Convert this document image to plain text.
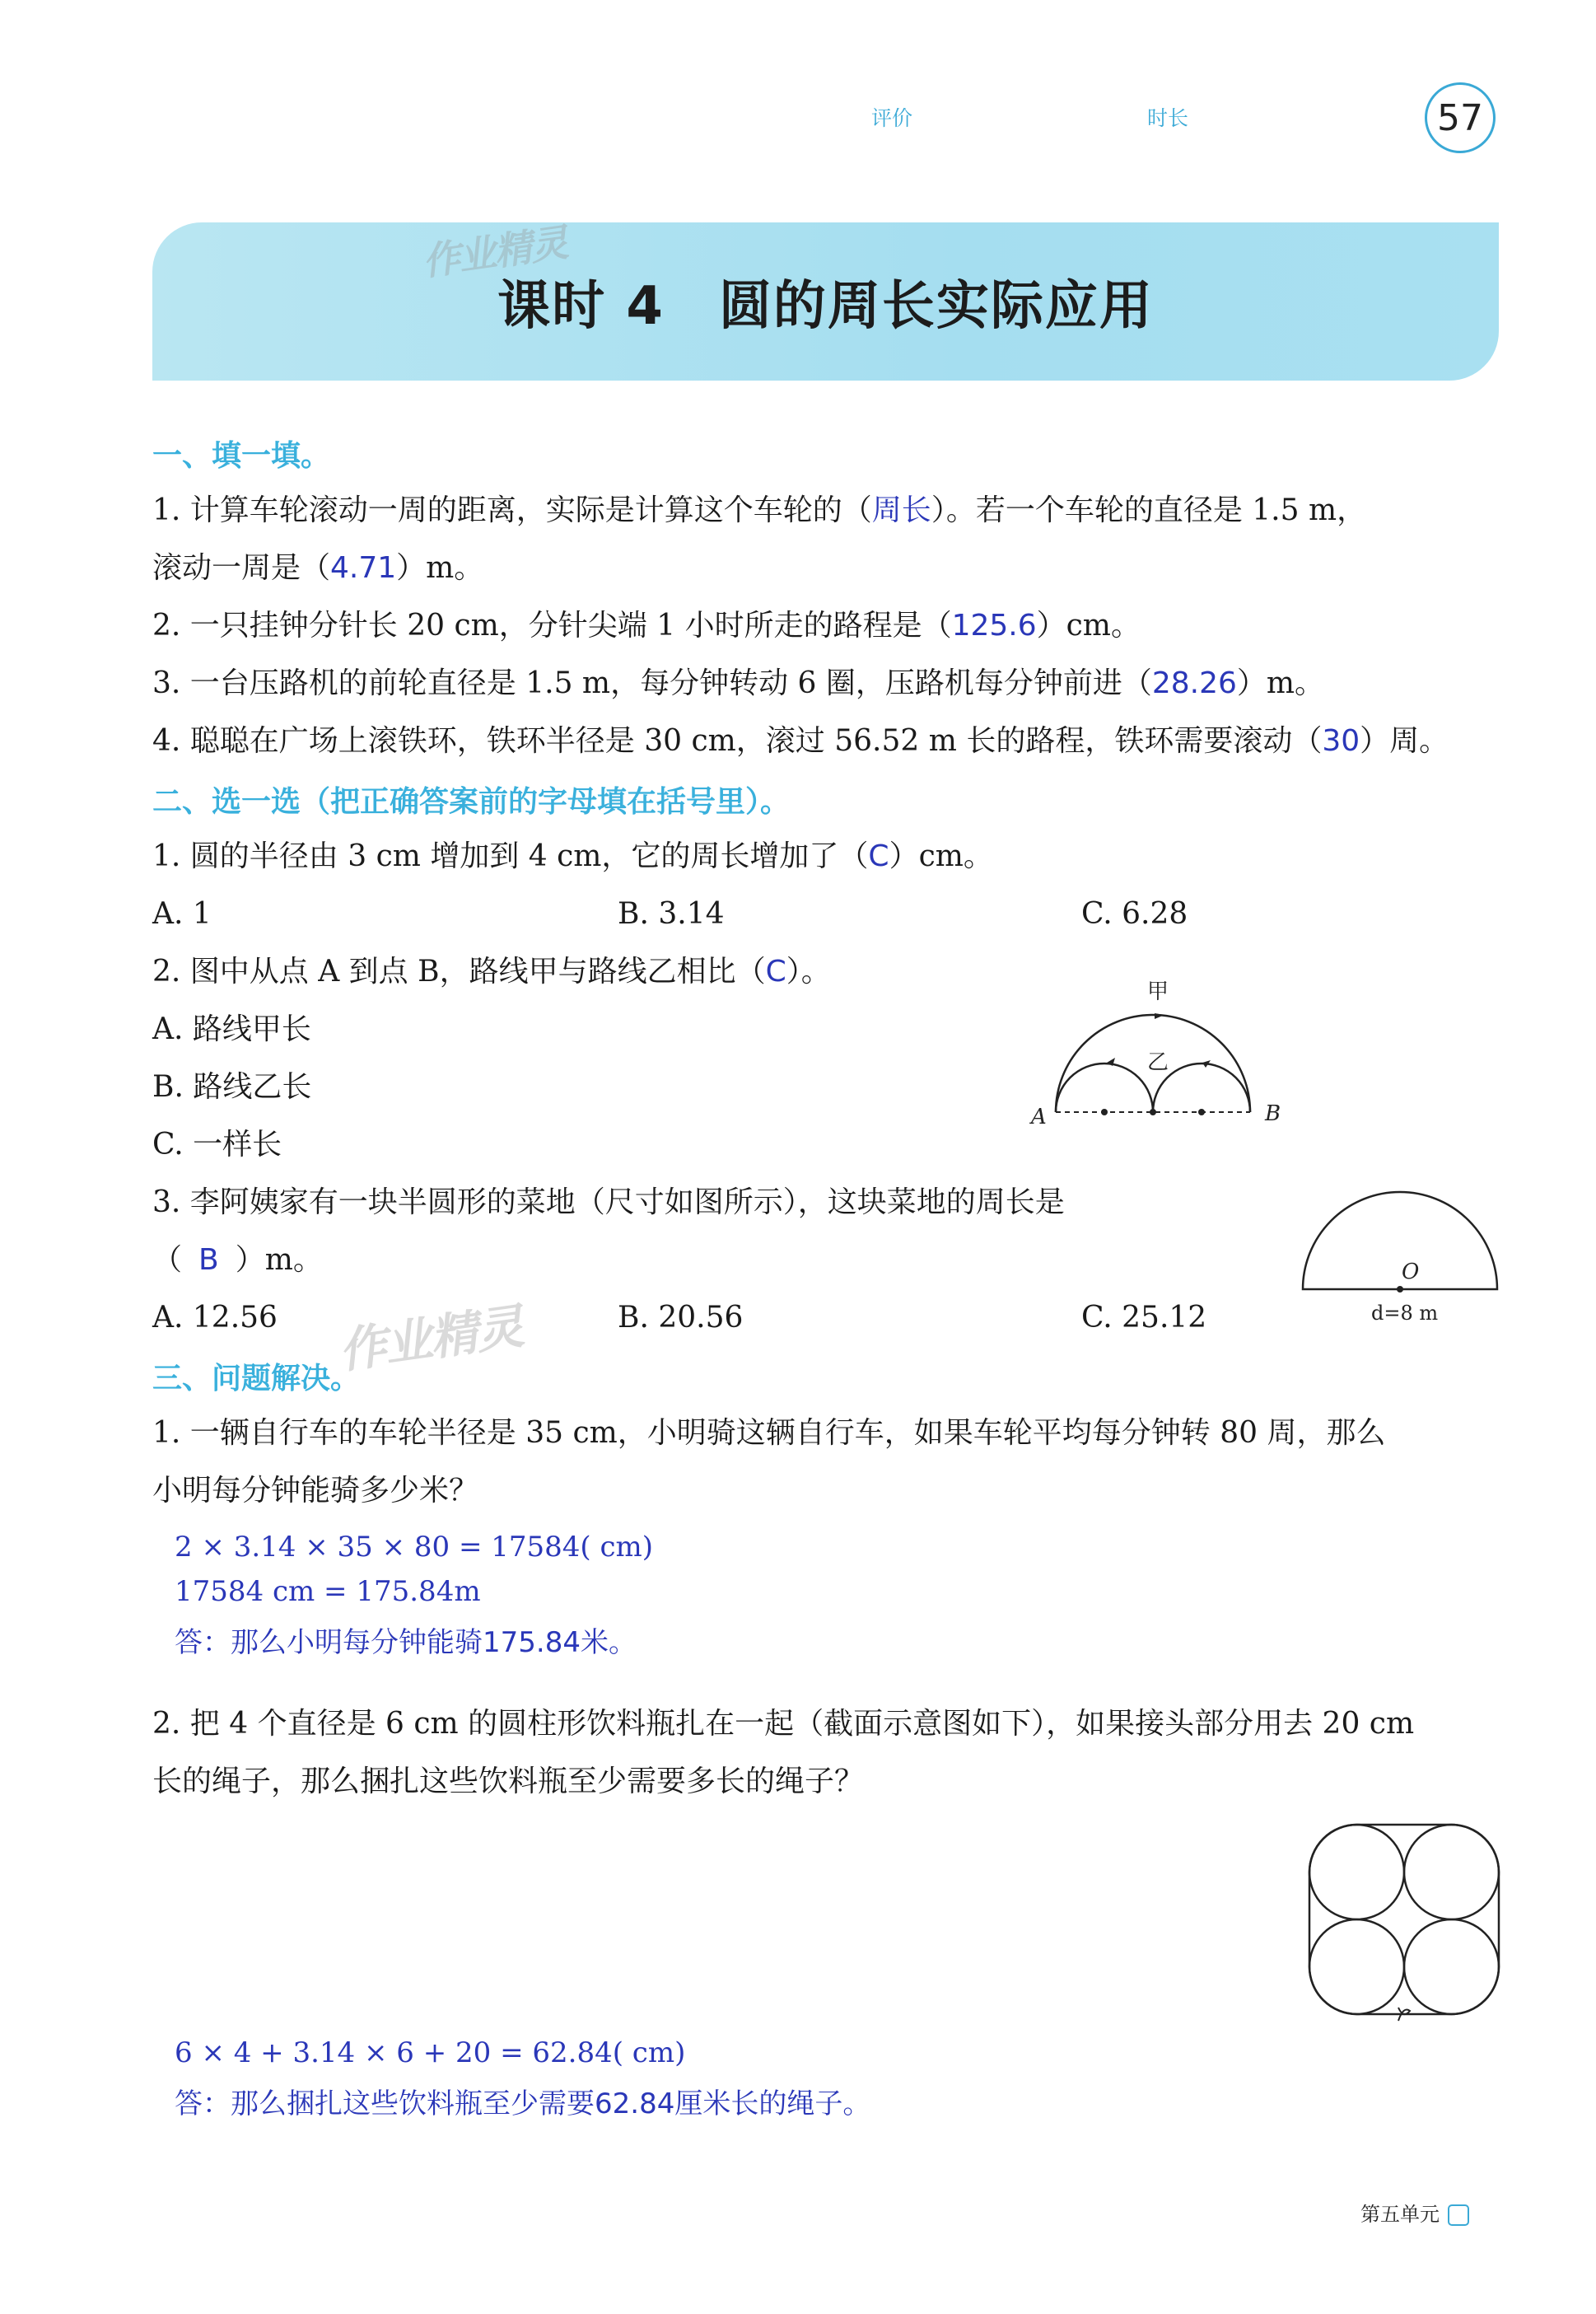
评价	时长	57
作业精灵
课时 4　圆的周长实际应用
一、填一填。
1. 计算车轮滚动一周的距离，实际是计算这个车轮的（周长）。若一个车轮的直径是 1.5 m，
滚动一周是（4.71）m。
2. 一只挂钟分针长 20 cm，分针尖端 1 小时所走的路程是（125.6）cm。
3. 一台压路机的前轮直径是 1.5 m，每分钟转动 6 圈，压路机每分钟前进（28.26）m。
4. 聪聪在广场上滚铁环，铁环半径是 30 cm，滚过 56.52 m 长的路程，铁环需要滚动（30）周。
二、选一选（把正确答案前的字母填在括号里）。
1. 圆的半径由 3 cm 增加到 4 cm，它的周长增加了（C）cm。
A. 1	B. 3.14	C. 6.28
2. 图中从点 A 到点 B，路线甲与路线乙相比（C）。
A. 路线甲长
B. 路线乙长
C. 一样长
甲
乙
A	B
3. 李阿姨家有一块半圆形的菜地（尺寸如图所示），这块菜地的周长是
（ B ）m。
A. 12.56	B. 20.56	C. 25.12
作业精灵
O
d=8 m
三、问题解决。
1. 一辆自行车的车轮半径是 35 cm，小明骑这辆自行车，如果车轮平均每分钟转 80 周，那么
小明每分钟能骑多少米？
2 × 3.14 × 35 × 80 = 17584( cm)
17584 cm = 175.84m
答：那么小明每分钟能骑175.84米。
2. 把 4 个直径是 6 cm 的圆柱形饮料瓶扎在一起（截面示意图如下），如果接头部分用去 20 cm
长的绳子，那么捆扎这些饮料瓶至少需要多长的绳子？
6 × 4 + 3.14 × 6 + 20 = 62.84( cm)
答：那么捆扎这些饮料瓶至少需要62.84厘米长的绳子。
第五单元
